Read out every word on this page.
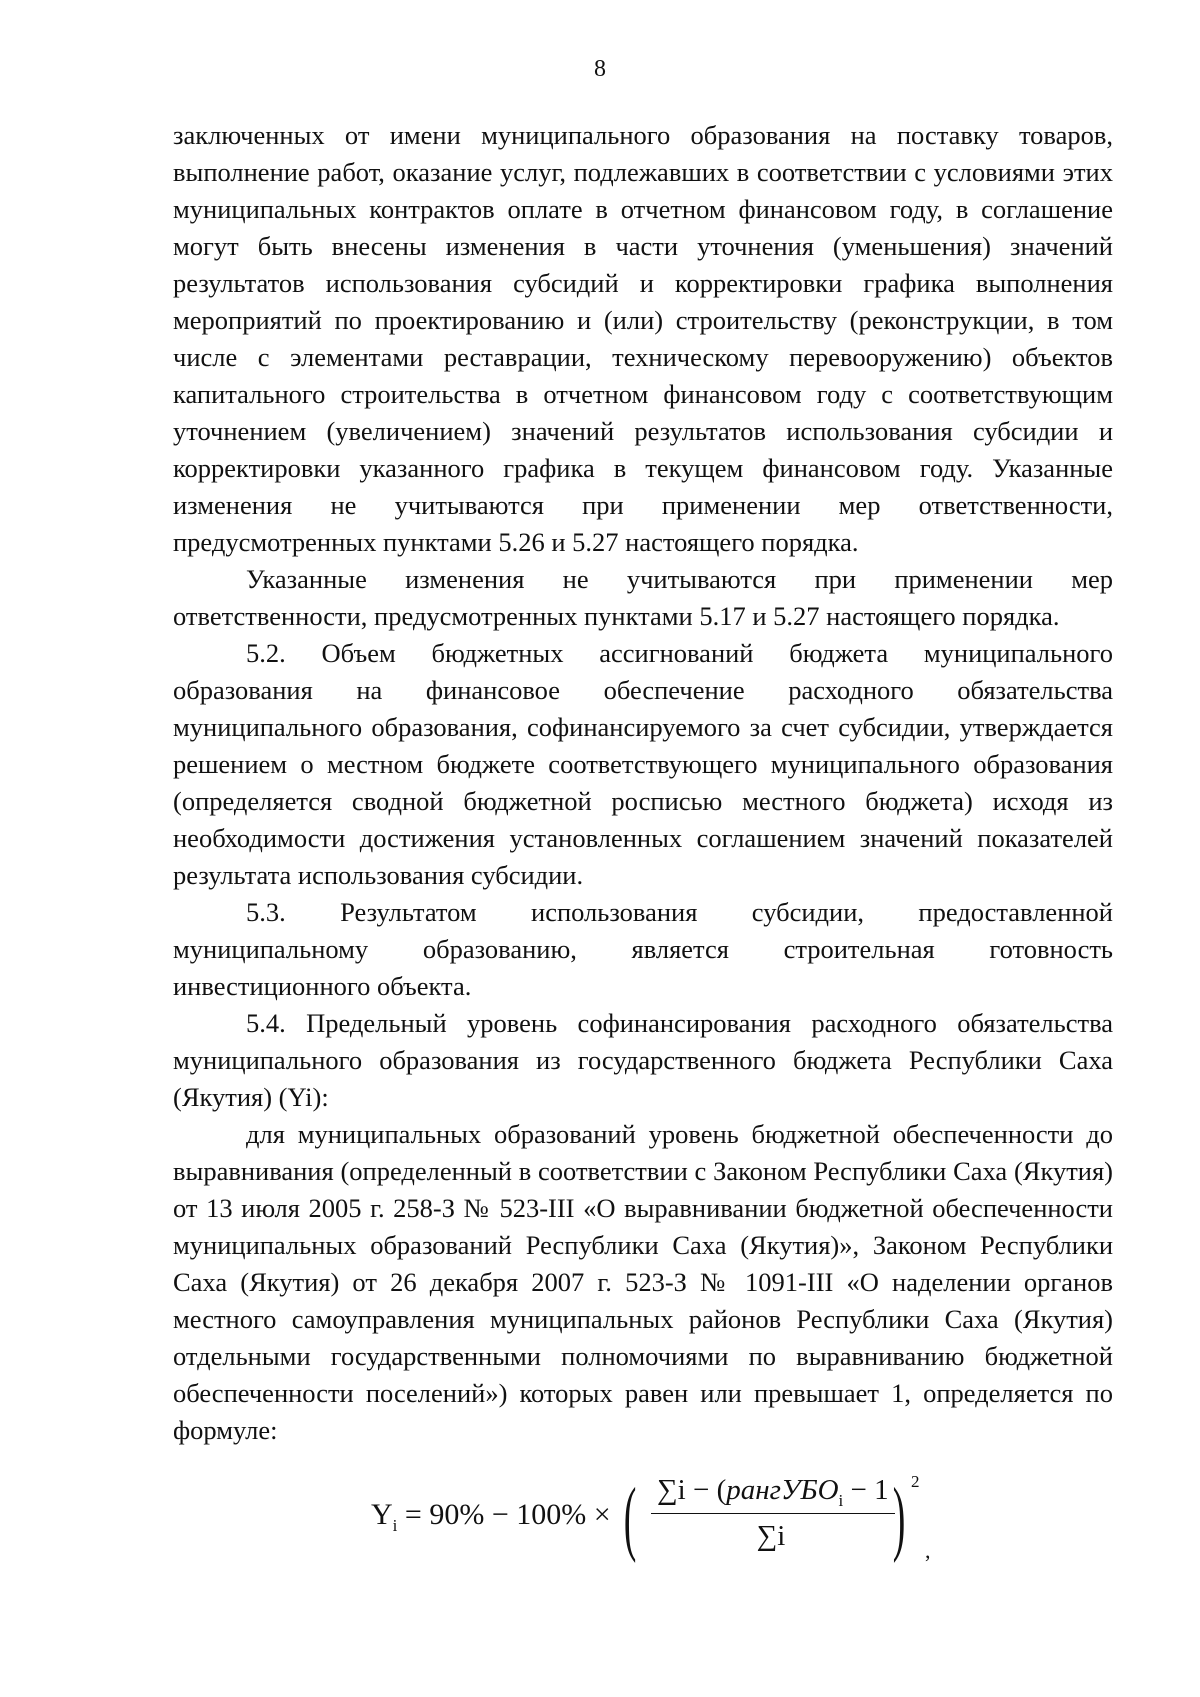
8

заключенных от имени муниципального образования на поставку товаров, выполнение работ, оказание услуг, подлежавших в соответствии с условиями этих муниципальных контрактов оплате в отчетном финансовом году, в соглашение могут быть внесены изменения в части уточнения (уменьшения) значений результатов использования субсидий и корректировки графика выполнения мероприятий по проектированию и (или) строительству (реконструкции, в том числе с элементами реставрации, техническому перевооружению) объектов капитального строительства в отчетном финансовом году с соответствующим уточнением (увеличением) значений результатов использования субсидии и корректировки указанного графика в текущем финансовом году. Указанные изменения не учитываются при применении мер ответственности, предусмотренных пунктами 5.26 и 5.27 настоящего порядка.

Указанные изменения не учитываются при применении мер ответственности, предусмотренных пунктами 5.17 и 5.27 настоящего порядка.

5.2. Объем бюджетных ассигнований бюджета муниципального образования на финансовое обеспечение расходного обязательства муниципального образования, софинансируемого за счет субсидии, утверждается решением о местном бюджете соответствующего муниципального образования (определяется сводной бюджетной росписью местного бюджета) исходя из необходимости достижения установленных соглашением значений показателей результата использования субсидии.

5.3. Результатом использования субсидии, предоставленной муниципальному образованию, является строительная готовность инвестиционного объекта.

5.4. Предельный уровень софинансирования расходного обязательства муниципального образования из государственного бюджета Республики Саха (Якутия) (Yi):

для муниципальных образований уровень бюджетной обеспеченности до выравнивания (определенный в соответствии с Законом Республики Саха (Якутия) от 13 июля 2005 г. 258-З № 523-III «О выравнивании бюджетной обеспеченности муниципальных образований Республики Саха (Якутия)», Законом Республики Саха (Якутия) от 26 декабря 2007 г. 523-З № 1091-III «О наделении органов местного самоуправления муниципальных районов Республики Саха (Якутия) отдельными государственными полномочиями по выравниванию бюджетной обеспеченности поселений») которых равен или превышает 1, определяется по формуле:

$Y_i = 90\% - 100\%$ × ( ∑i − (рангУБО$_i$ − 1
∑i	) 2
,
